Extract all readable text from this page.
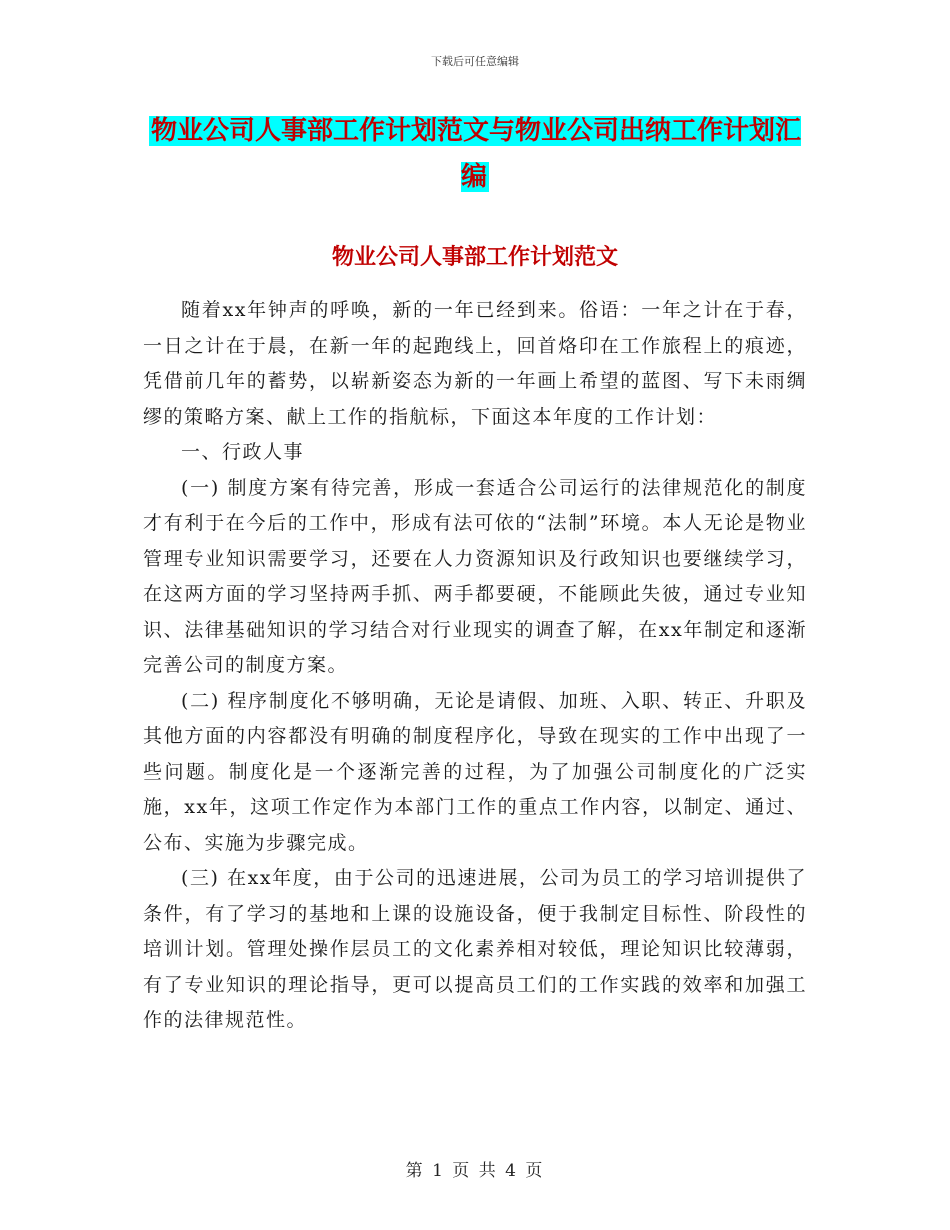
下载后可任意编辑
物业公司人事部工作计划范文与物业公司出纳工作计划汇编
物业公司人事部工作计划范文

随着xx年钟声的呼唤，新的一年已经到来。俗语：一年之计在于春，一日之计在于晨，在新一年的起跑线上，回首烙印在工作旅程上的痕迹，凭借前几年的蓄势，以崭新姿态为新的一年画上希望的蓝图、写下未雨绸缪的策略方案、献上工作的指航标，下面这本年度的工作计划：

一、行政人事

(一) 制度方案有待完善，形成一套适合公司运行的法律规范化的制度才有利于在今后的工作中，形成有法可依的“法制”环境。本人无论是物业管理专业知识需要学习，还要在人力资源知识及行政知识也要继续学习，在这两方面的学习坚持两手抓、两手都要硬，不能顾此失彼，通过专业知识、法律基础知识的学习结合对行业现实的调查了解，在xx年制定和逐渐完善公司的制度方案。

(二) 程序制度化不够明确，无论是请假、加班、入职、转正、升职及其他方面的内容都没有明确的制度程序化，导致在现实的工作中出现了一些问题。制度化是一个逐渐完善的过程，为了加强公司制度化的广泛实施，xx年，这项工作定作为本部门工作的重点工作内容，以制定、通过、公布、实施为步骤完成。

(三) 在xx年度，由于公司的迅速进展，公司为员工的学习培训提供了条件，有了学习的基地和上课的设施设备，便于我制定目标性、阶段性的培训计划。管理处操作层员工的文化素养相对较低，理论知识比较薄弱，有了专业知识的理论指导，更可以提高员工们的工作实践的效率和加强工作的法律规范性。

第 1 页 共 4 页
